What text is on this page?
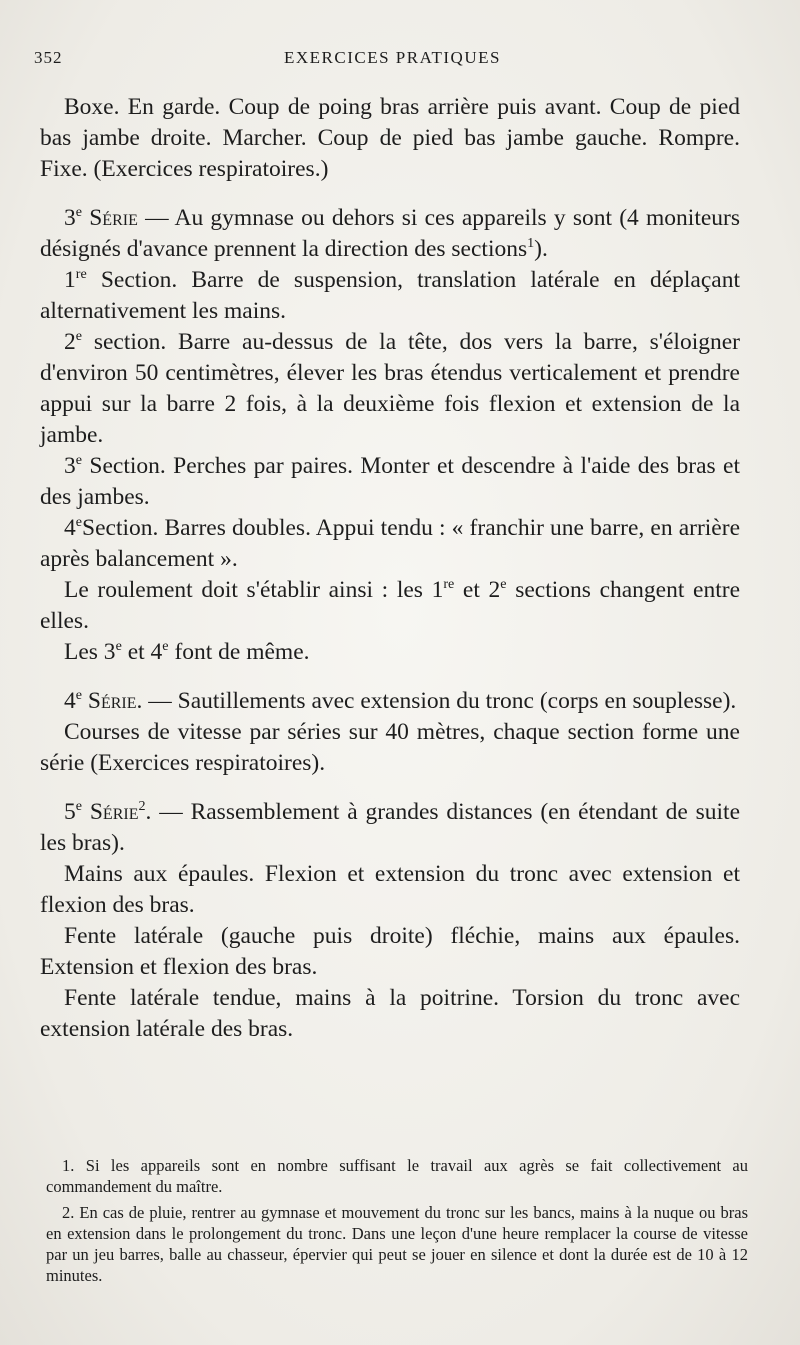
352	EXERCICES PRATIQUES

Boxe. En garde. Coup de poing bras arrière puis avant. Coup de pied bas jambe droite. Marcher. Coup de pied bas jambe gauche. Rompre. Fixe. (Exercices respiratoires.)

3e Série — Au gymnase ou dehors si ces appareils y sont (4 moniteurs désignés d'avance prennent la direction des sections$^1$).

1re Section. Barre de suspension, translation latérale en déplaçant alternativement les mains.

2e section. Barre au-dessus de la tête, dos vers la barre, s'éloigner d'environ 50 centimètres, élever les bras étendus verticalement et prendre appui sur la barre 2 fois, à la deuxième fois flexion et extension de la jambe.

3e Section. Perches par paires. Monter et descendre à l'aide des bras et des jambes.

4eSection. Barres doubles. Appui tendu : « franchir une barre, en arrière après balancement ».

Le roulement doit s'établir ainsi : les 1re et 2e sections changent entre elles.

Les 3e et 4e font de même.

4e Série. — Sautillements avec extension du tronc (corps en souplesse).

Courses de vitesse par séries sur 40 mètres, chaque section forme une série (Exercices respiratoires).

5e Série$^2$. — Rassemblement à grandes distances (en étendant de suite les bras).

Mains aux épaules. Flexion et extension du tronc avec extension et flexion des bras.

Fente latérale (gauche puis droite) fléchie, mains aux épaules. Extension et flexion des bras.

Fente latérale tendue, mains à la poitrine. Torsion du tronc avec extension latérale des bras.

1. Si les appareils sont en nombre suffisant le travail aux agrès se fait collectivement au commandement du maître.

2. En cas de pluie, rentrer au gymnase et mouvement du tronc sur les bancs, mains à la nuque ou bras en extension dans le prolongement du tronc. Dans une leçon d'une heure remplacer la course de vitesse par un jeu barres, balle au chasseur, épervier qui peut se jouer en silence et dont la durée est de 10 à 12 minutes.
